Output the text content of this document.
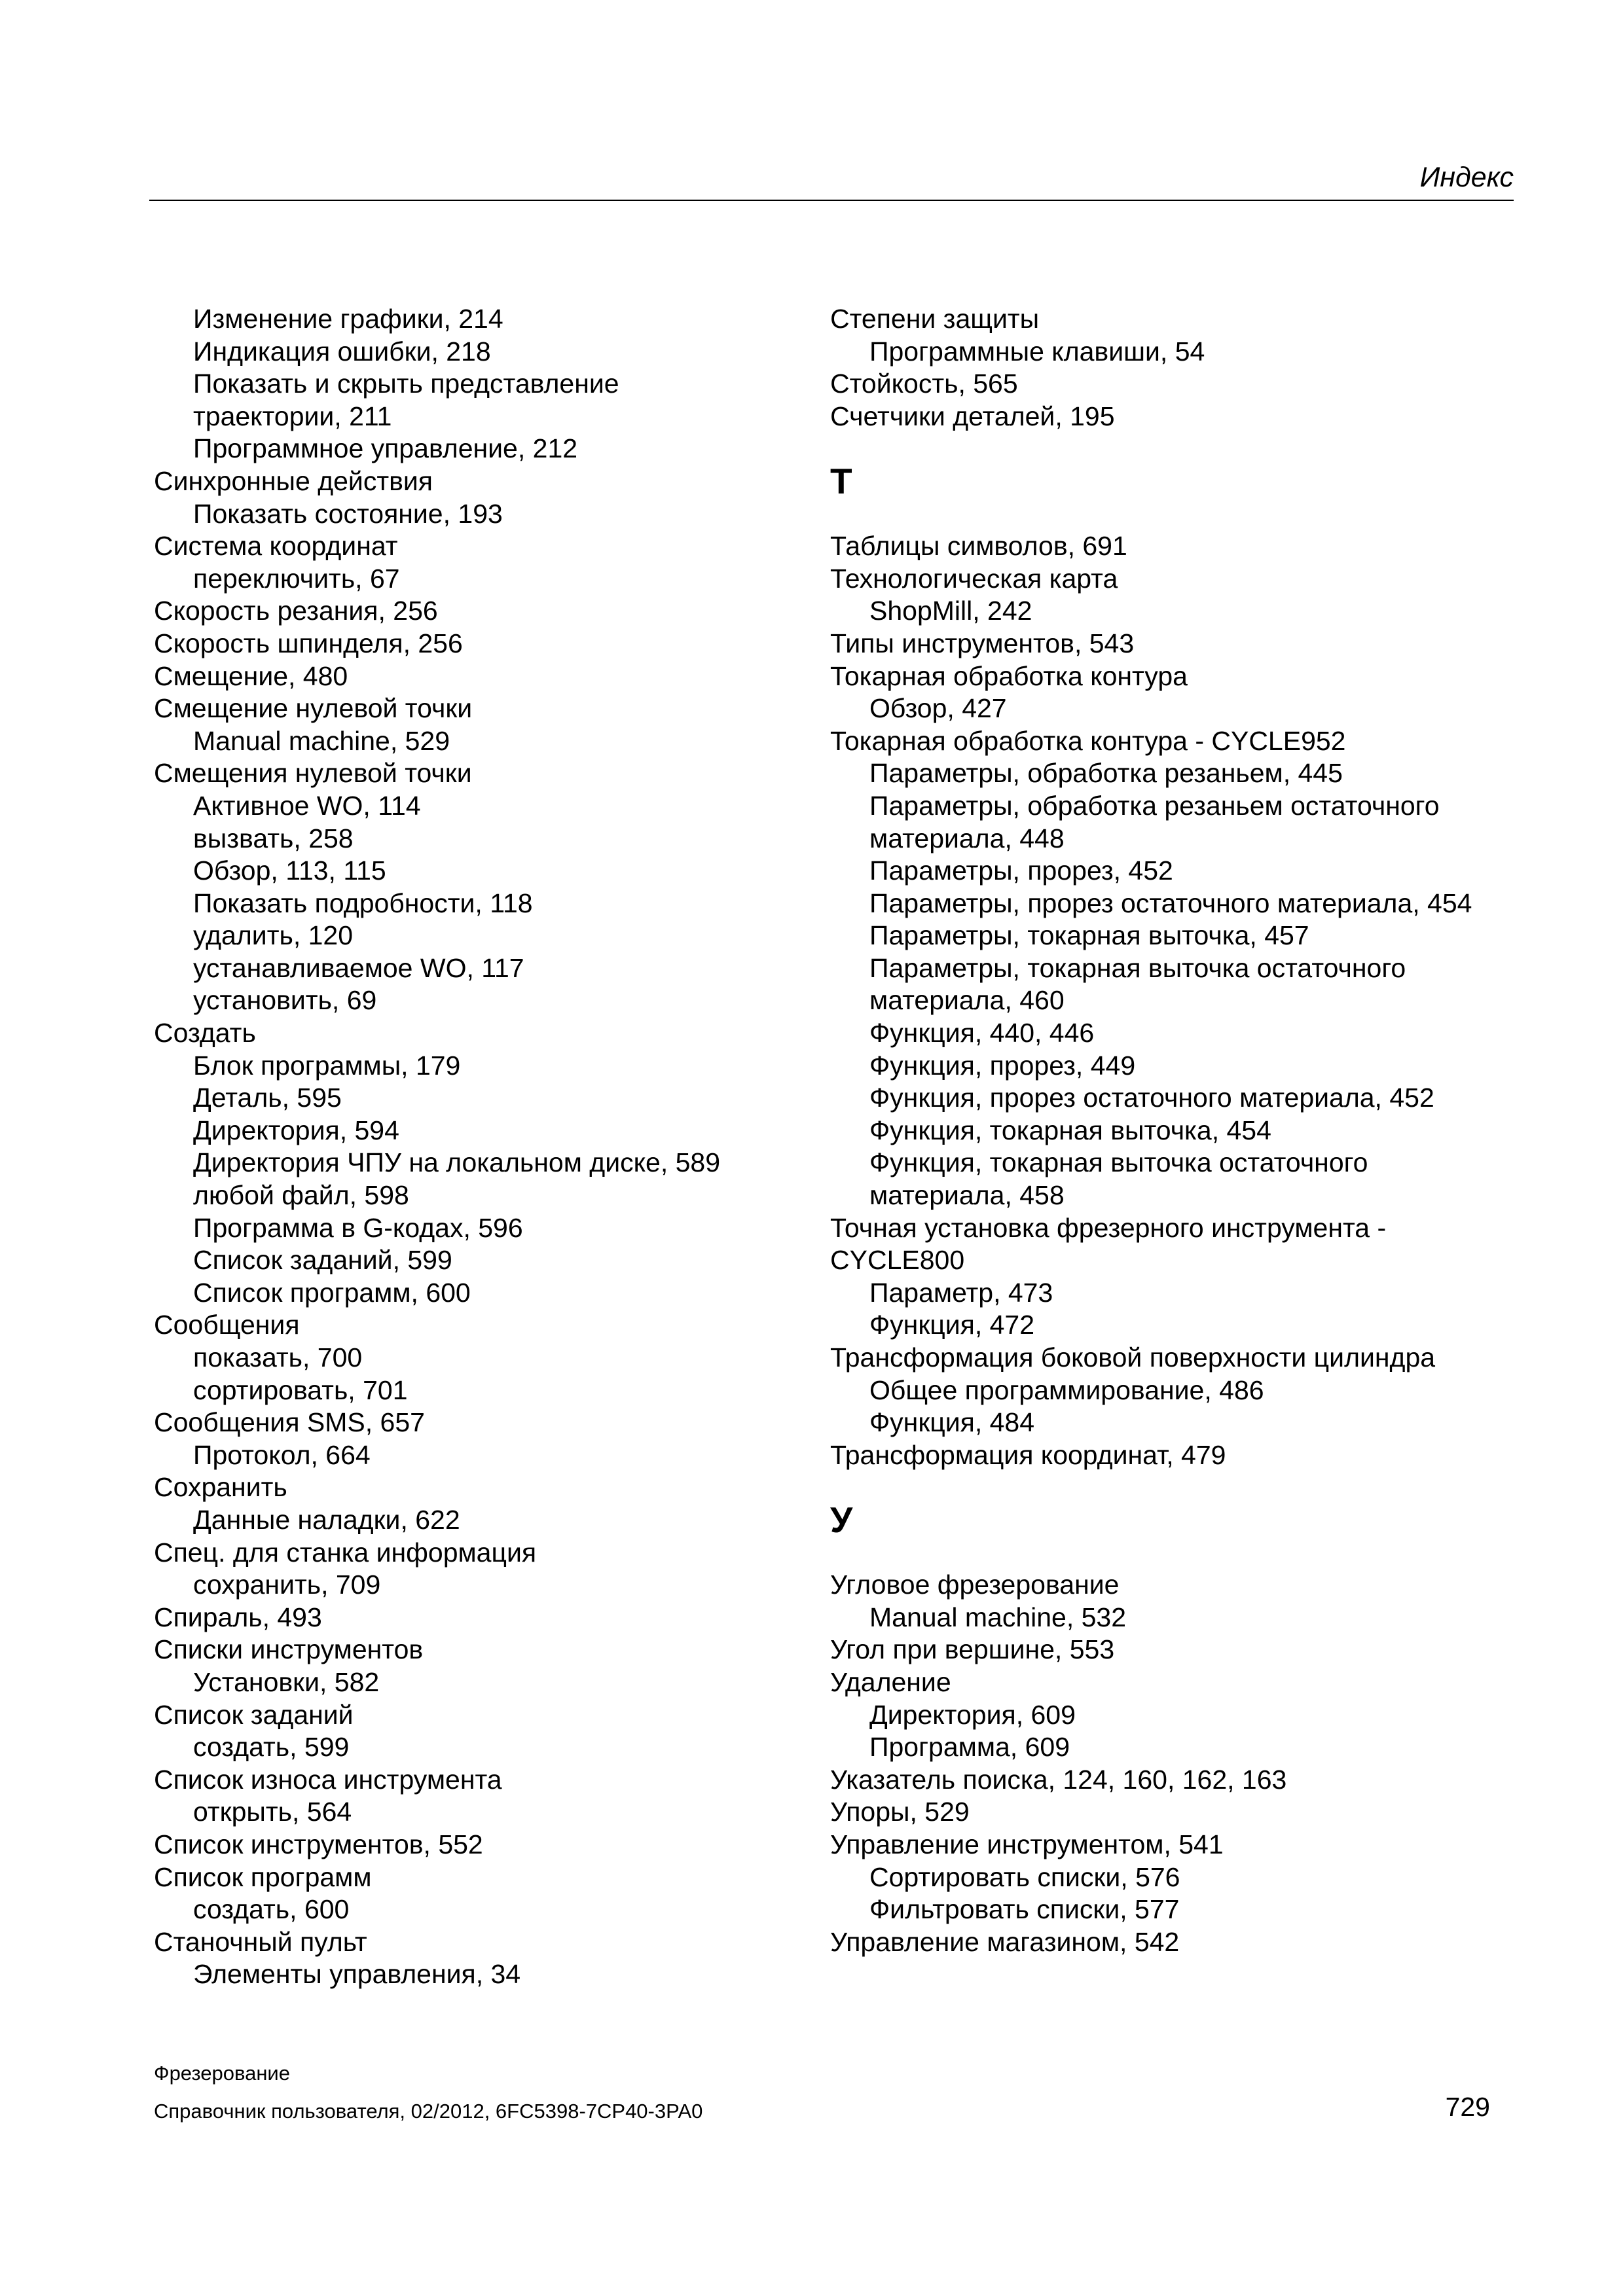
Индекс
Изменение графики, 214
Индикация ошибки, 218
Показать и скрыть представление
траектории, 211
Программное управление, 212
Синхронные действия
Показать состояние, 193
Система координат
переключить, 67
Скорость резания, 256
Скорость шпинделя, 256
Смещение, 480
Смещение нулевой точки
Manual machine, 529
Смещения нулевой точки
Активное WO, 114
вызвать, 258
Обзор, 113, 115
Показать подробности, 118
удалить, 120
устанавливаемое WO, 117
установить, 69
Создать
Блок программы, 179
Деталь, 595
Директория, 594
Директория ЧПУ на локальном диске, 589
любой файл, 598
Программа в G-кодах, 596
Список заданий, 599
Список программ, 600
Сообщения
показать, 700
сортировать, 701
Сообщения SMS, 657
Протокол, 664
Сохранить
Данные наладки, 622
Спец. для станка информация
сохранить, 709
Спираль, 493
Списки инструментов
Установки, 582
Список заданий
создать, 599
Список износа инструмента
открыть, 564
Список инструментов, 552
Список программ
создать, 600
Станочный пульт
Элементы управления, 34
Степени защиты
Программные клавиши, 54
Стойкость, 565
Счетчики деталей, 195
Т
Таблицы символов, 691
Технологическая карта
ShopMill, 242
Типы инструментов, 543
Токарная обработка контура
Обзор, 427
Токарная обработка контура - CYCLE952
Параметры, обработка резаньем, 445
Параметры, обработка резаньем остаточного
материала, 448
Параметры, прорез, 452
Параметры, прорез остаточного материала, 454
Параметры, токарная выточка, 457
Параметры, токарная выточка остаточного
материала, 460
Функция, 440, 446
Функция, прорез, 449
Функция, прорез остаточного материала, 452
Функция, токарная выточка, 454
Функция, токарная выточка остаточного
материала, 458
Точная установка фрезерного инструмента -
CYCLE800
Параметр, 473
Функция, 472
Трансформация боковой поверхности цилиндра
Общее программирование, 486
Функция, 484
Трансформация координат, 479
У
Угловое фрезерование
Manual machine, 532
Угол при вершине, 553
Удаление
Директория, 609
Программа, 609
Указатель поиска, 124, 160, 162, 163
Упоры, 529
Управление инструментом, 541
Сортировать списки, 576
Фильтровать списки, 577
Управление магазином, 542
Фрезерование
Справочник пользователя, 02/2012, 6FC5398-7CP40-3PA0	729
